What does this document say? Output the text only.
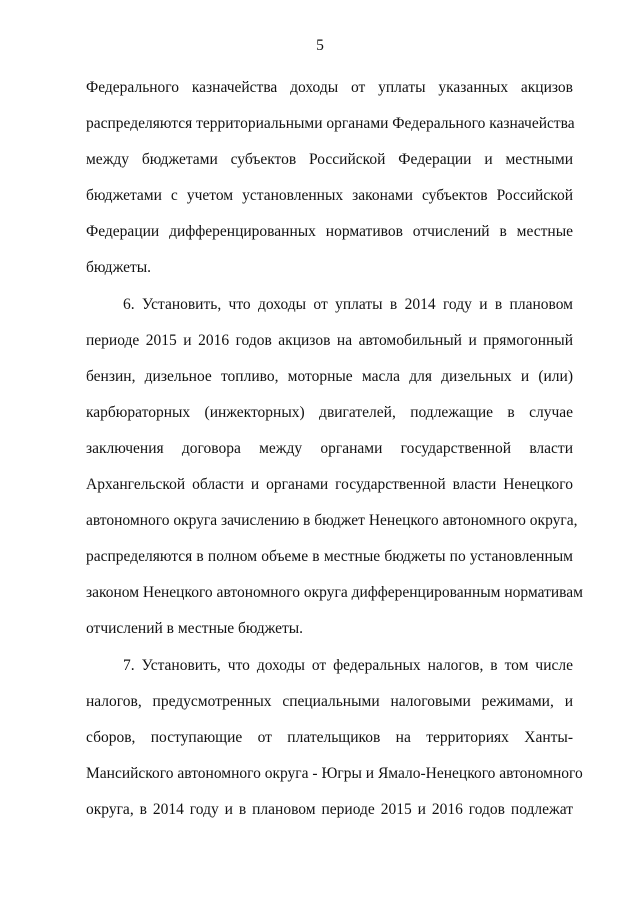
5
Федерального казначейства доходы от уплаты указанных акцизов
распределяются территориальными органами Федерального казначейства
между бюджетами субъектов Российской Федерации и местными
бюджетами с учетом установленных законами субъектов Российской
Федерации дифференцированных нормативов отчислений в местные
бюджеты.
6. Установить, что доходы от уплаты в 2014 году и в плановом
периоде 2015 и 2016 годов акцизов на автомобильный и прямогонный
бензин, дизельное топливо, моторные масла для дизельных и (или)
карбюраторных (инжекторных) двигателей, подлежащие в случае
заключения договора между органами государственной власти
Архангельской области и органами государственной власти Ненецкого
автономного округа зачислению в бюджет Ненецкого автономного округа,
распределяются в полном объеме в местные бюджеты по установленным
законом Ненецкого автономного округа дифференцированным нормативам
отчислений в местные бюджеты.
7. Установить, что доходы от федеральных налогов, в том числе
налогов, предусмотренных специальными налоговыми режимами, и
сборов, поступающие от плательщиков на территориях Ханты-
Мансийского автономного округа - Югры и Ямало-Ненецкого автономного
округа, в 2014 году и в плановом периоде 2015 и 2016 годов подлежат
